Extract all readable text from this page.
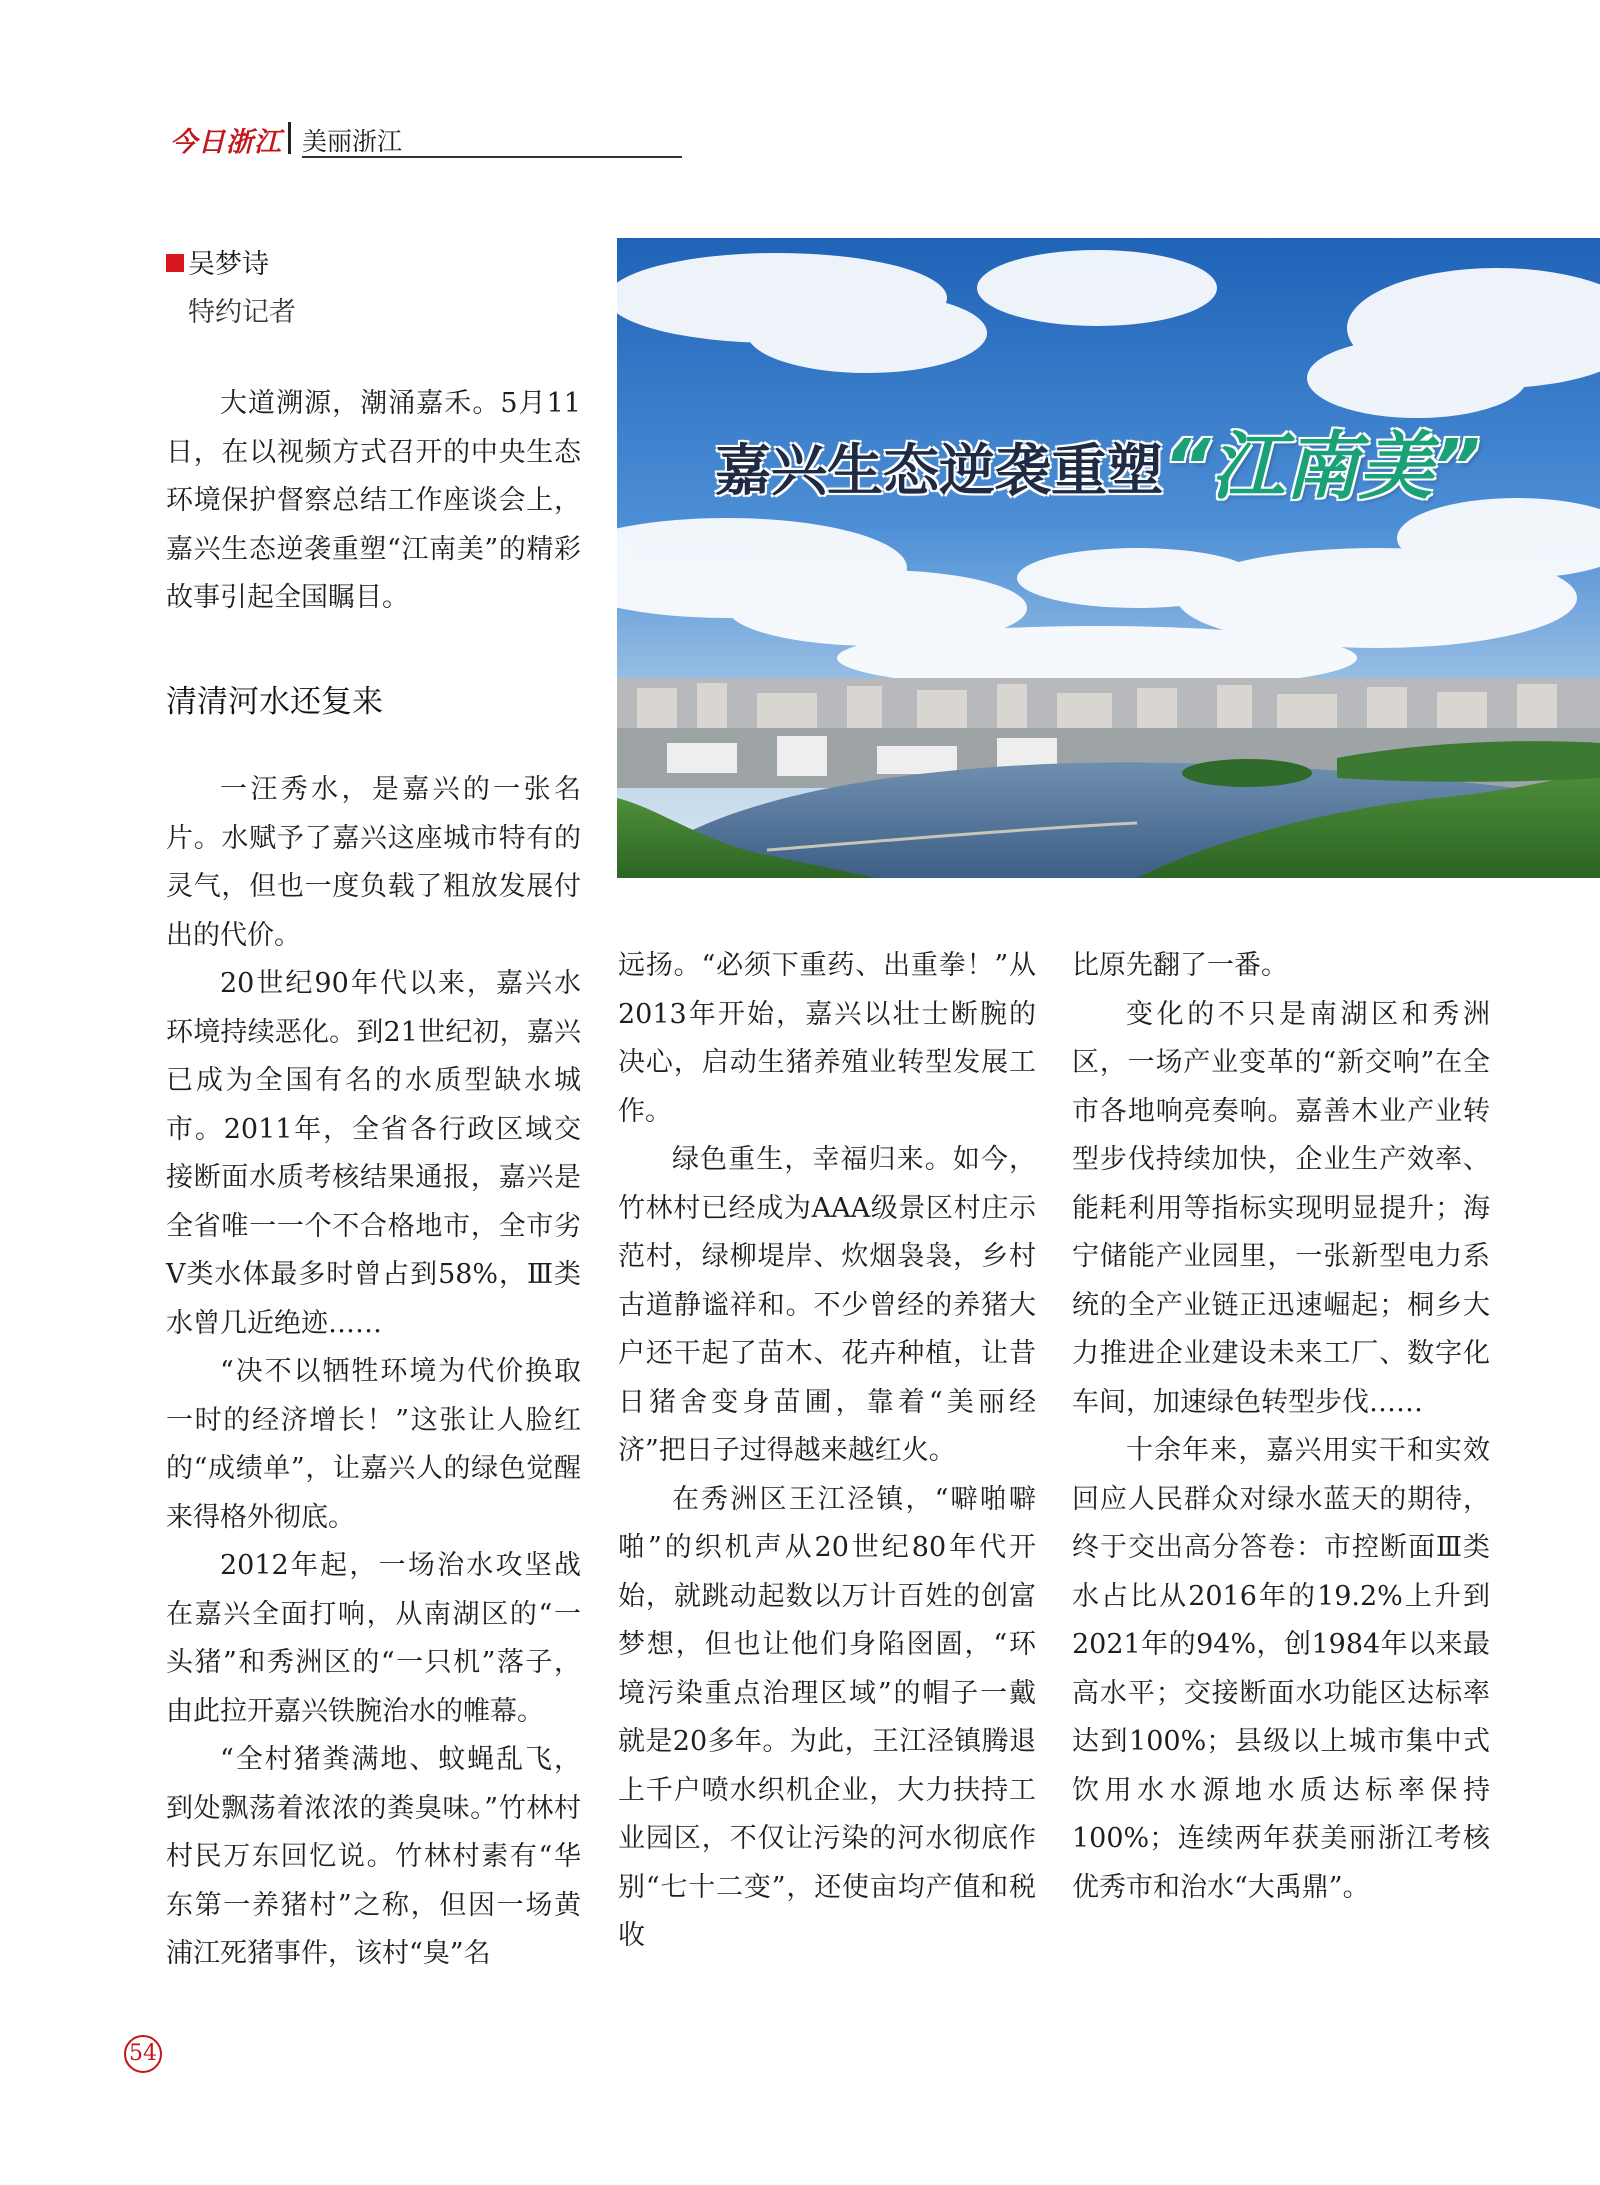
今日浙江 美丽浙江
吴梦诗
特约记者
嘉兴生态逆袭重塑“江南美”

大道溯源，潮涌嘉禾。5月11日，在以视频方式召开的中央生态环境保护督察总结工作座谈会上，嘉兴生态逆袭重塑“江南美”的精彩故事引起全国瞩目。

清清河水还复来

一汪秀水，是嘉兴的一张名片。水赋予了嘉兴这座城市特有的灵气，但也一度负载了粗放发展付出的代价。

20世纪90年代以来，嘉兴水环境持续恶化。到21世纪初，嘉兴已成为全国有名的水质型缺水城市。2011年，全省各行政区域交接断面水质考核结果通报，嘉兴是全省唯一一个不合格地市，全市劣Ⅴ类水体最多时曾占到58%，Ⅲ类水曾几近绝迹……

“决不以牺牲环境为代价换取一时的经济增长！”这张让人脸红的“成绩单”，让嘉兴人的绿色觉醒来得格外彻底。

2012年起，一场治水攻坚战在嘉兴全面打响，从南湖区的“一头猪”和秀洲区的“一只机”落子，由此拉开嘉兴铁腕治水的帷幕。

“全村猪粪满地、蚊蝇乱飞，到处飘荡着浓浓的粪臭味。”竹林村村民万东回忆说。竹林村素有“华东第一养猪村”之称，但因一场黄浦江死猪事件，该村“臭”名

远扬。“必须下重药、出重拳！”从2013年开始，嘉兴以壮士断腕的决心，启动生猪养殖业转型发展工作。

绿色重生，幸福归来。如今，竹林村已经成为AAA级景区村庄示范村，绿柳堤岸、炊烟袅袅，乡村古道静谧祥和。不少曾经的养猪大户还干起了苗木、花卉种植，让昔日猪舍变身苗圃，靠着“美丽经济”把日子过得越来越红火。

在秀洲区王江泾镇，“噼啪噼啪”的织机声从20世纪80年代开始，就跳动起数以万计百姓的创富梦想，但也让他们身陷囹圄，“环境污染重点治理区域”的帽子一戴就是20多年。为此，王江泾镇腾退上千户喷水织机企业，大力扶持工业园区，不仅让污染的河水彻底作别“七十二变”，还使亩均产值和税收

比原先翻了一番。

变化的不只是南湖区和秀洲区，一场产业变革的“新交响”在全市各地响亮奏响。嘉善木业产业转型步伐持续加快，企业生产效率、能耗利用等指标实现明显提升；海宁储能产业园里，一张新型电力系统的全产业链正迅速崛起；桐乡大力推进企业建设未来工厂、数字化车间，加速绿色转型步伐……

十余年来，嘉兴用实干和实效回应人民群众对绿水蓝天的期待，终于交出高分答卷：市控断面Ⅲ类水占比从2016年的19.2%上升到2021年的94%，创1984年以来最高水平；交接断面水功能区达标率达到100%；县级以上城市集中式饮用水水源地水质达标率保持100%；连续两年获美丽浙江考核优秀市和治水“大禹鼎”。

54
